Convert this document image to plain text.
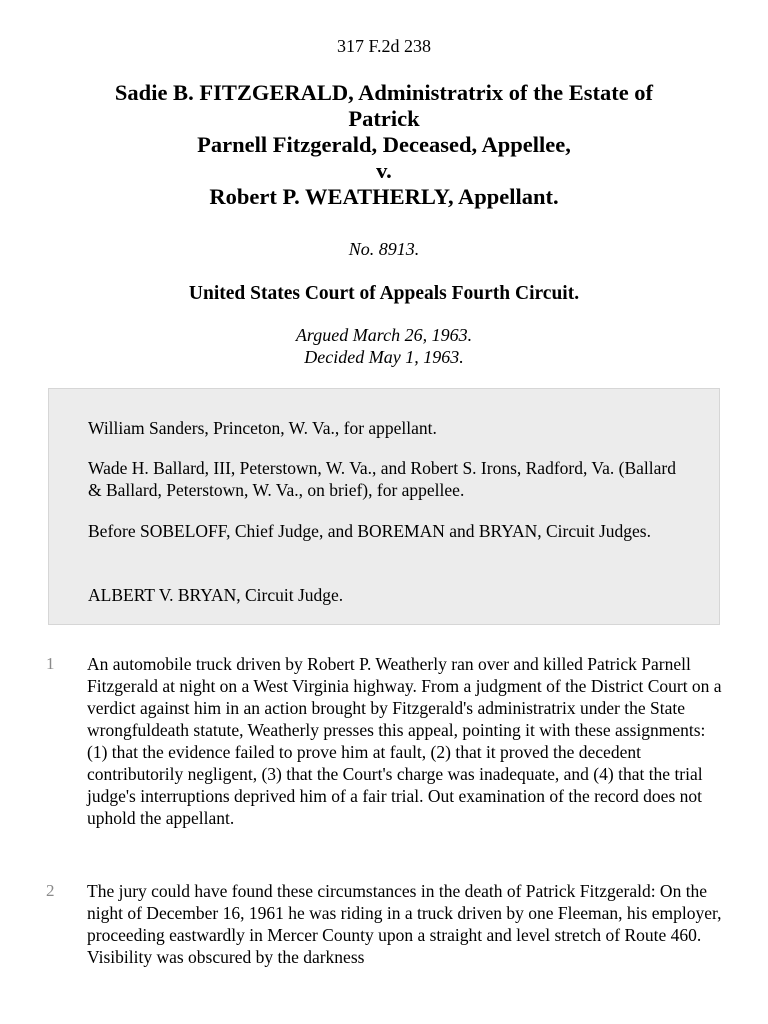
317 F.2d 238
Sadie B. FITZGERALD, Administratrix of the Estate of
Patrick
Parnell Fitzgerald, Deceased, Appellee,
v.
Robert P. WEATHERLY, Appellant.
No. 8913.
United States Court of Appeals Fourth Circuit.
Argued March 26, 1963.
Decided May 1, 1963.

William Sanders, Princeton, W. Va., for appellant.

Wade H. Ballard, III, Peterstown, W. Va., and Robert S. Irons, Radford, Va. (Ballard & Ballard, Peterstown, W. Va., on brief), for appellee.

Before SOBELOFF, Chief Judge, and BOREMAN and BRYAN, Circuit Judges.

ALBERT V. BRYAN, Circuit Judge.

1 An automobile truck driven by Robert P. Weatherly ran over and killed Patrick Parnell Fitzgerald at night on a West Virginia highway. From a judgment of the District Court on a verdict against him in an action brought by Fitzgerald's administratrix under the State wrongfuldeath statute, Weatherly presses this appeal, pointing it with these assignments: (1) that the evidence failed to prove him at fault, (2) that it proved the decedent contributorily negligent, (3) that the Court's charge was inadequate, and (4) that the trial judge's interruptions deprived him of a fair trial. Out examination of the record does not uphold the appellant.

2 The jury could have found these circumstances in the death of Patrick Fitzgerald: On the night of December 16, 1961 he was riding in a truck driven by one Fleeman, his employer, proceeding eastwardly in Mercer County upon a straight and level stretch of Route 460. Visibility was obscured by the darkness
